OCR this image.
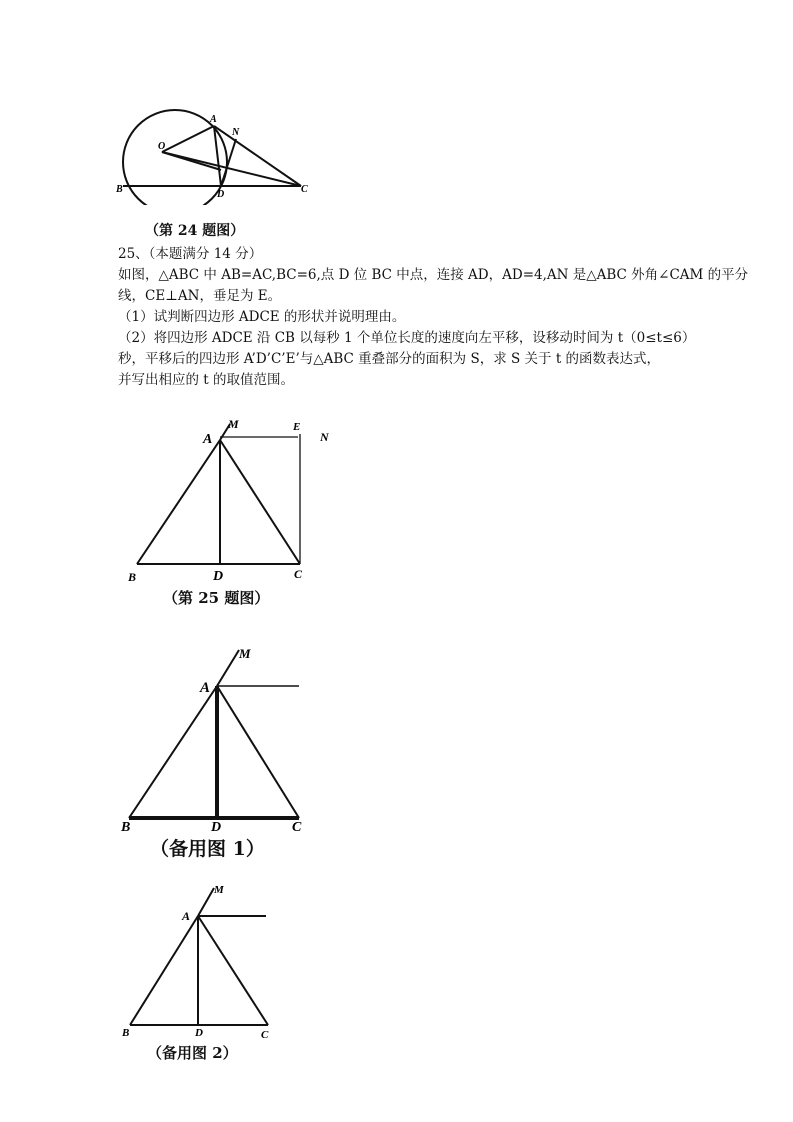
A
N
O
B	D	C
（第 24 题图）
25、（本题满分 14 分）
如图，△ABC 中 AB=AC,BC=6,点 D 位 BC 中点，连接 AD，AD=4,AN 是△ABC 外角∠CAM 的平分
线，CE⊥AN，垂足为 E。
（1）试判断四边形 ADCE 的形状并说明理由。
（2）将四边形 ADCE 沿 CB 以每秒 1 个单位长度的速度向左平移，设移动时间为 t（0≤t≤6）
秒，平移后的四边形 A’D’C’E’与△ABC 重叠部分的面积为 S，求 S 关于 t 的函数表达式，
并写出相应的 t 的取值范围。
A
M	E
N
B	D	C
（第 25 题图）
A
M
B	D	C
（备用图 1）
A
M
B	D	C
（备用图 2）
